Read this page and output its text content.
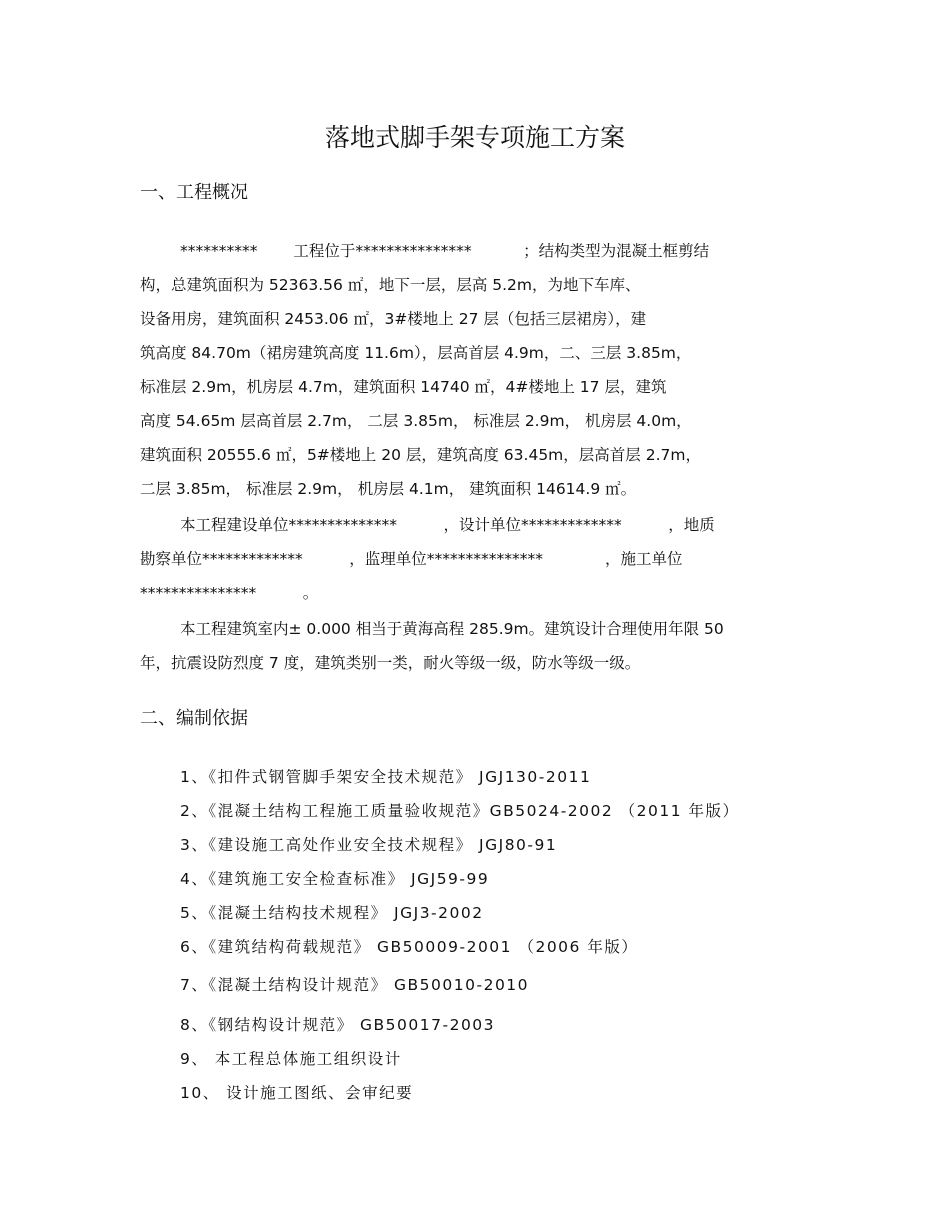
落地式脚手架专项施工方案
一、工程概况
**********　　 工程位于***************　　　 ；结构类型为混凝土框剪结
构，总建筑面积为 52363.56 ㎡，地下一层，层高 5.2m，为地下车库、
设备用房，建筑面积 2453.06 ㎡，3#楼地上 27 层（包括三层裙房），建
筑高度 84.70m（裙房建筑高度 11.6m），层高首层 4.9m，二、三层 3.85m，
标准层 2.9m，机房层 4.7m，建筑面积 14740 ㎡，4#楼地上 17 层，建筑
高度 54.65m 层高首层 2.7m， 二层 3.85m， 标准层 2.9m， 机房层 4.0m，
建筑面积 20555.6 ㎡，5#楼地上 20 层，建筑高度 63.45m，层高首层 2.7m，
二层 3.85m， 标准层 2.9m， 机房层 4.1m， 建筑面积 14614.9 ㎡。
本工程建设单位**************　　　，设计单位*************　　　，地质
勘察单位*************　　　，监理单位***************　　　　，施工单位
***************　　　。
本工程建筑室内± 0.000 相当于黄海高程 285.9m。建筑设计合理使用年限 50
年，抗震设防烈度 7 度，建筑类别一类，耐火等级一级，防水等级一级。
二、编制依据
1、《扣件式钢管脚手架安全技术规范》 JGJ130-2011
2、《混凝土结构工程施工质量验收规范》GB5024-2002 （2011 年版）
3、《建设施工高处作业安全技术规程》 JGJ80-91
4、《建筑施工安全检查标准》 JGJ59-99
5、《混凝土结构技术规程》 JGJ3-2002
6、《建筑结构荷载规范》 GB50009-2001 （2006 年版）
7、《混凝土结构设计规范》 GB50010-2010
8、《钢结构设计规范》 GB50017-2003
9、 本工程总体施工组织设计
10、 设计施工图纸、会审纪要
